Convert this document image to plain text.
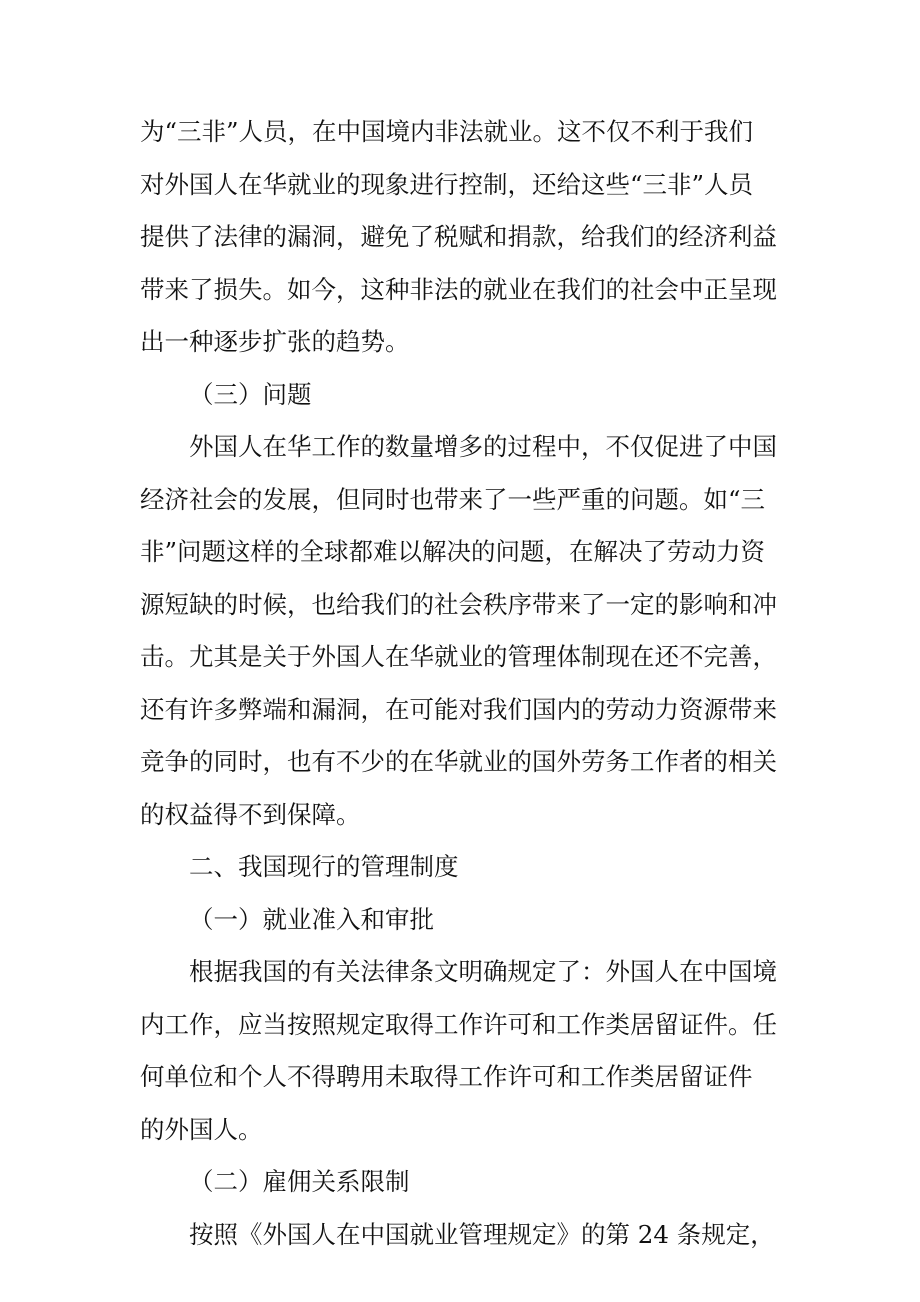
为“三非”人员，在中国境内非法就业。这不仅不利于我们
对外国人在华就业的现象进行控制，还给这些“三非”人员
提供了法律的漏洞，避免了税赋和捐款，给我们的经济利益
带来了损失。如今，这种非法的就业在我们的社会中正呈现
出一种逐步扩张的趋势。
（三）问题
外国人在华工作的数量增多的过程中，不仅促进了中国
经济社会的发展，但同时也带来了一些严重的问题。如“三
非”问题这样的全球都难以解决的问题，在解决了劳动力资
源短缺的时候，也给我们的社会秩序带来了一定的影响和冲
击。尤其是关于外国人在华就业的管理体制现在还不完善，
还有许多弊端和漏洞，在可能对我们国内的劳动力资源带来
竞争的同时，也有不少的在华就业的国外劳务工作者的相关
的权益得不到保障。
二、我国现行的管理制度
（一）就业准入和审批
根据我国的有关法律条文明确规定了：外国人在中国境
内工作，应当按照规定取得工作许可和工作类居留证件。任
何单位和个人不得聘用未取得工作许可和工作类居留证件
的外国人。
（二）雇佣关系限制
按照《外国人在中国就业管理规定》的第 24 条规定，
